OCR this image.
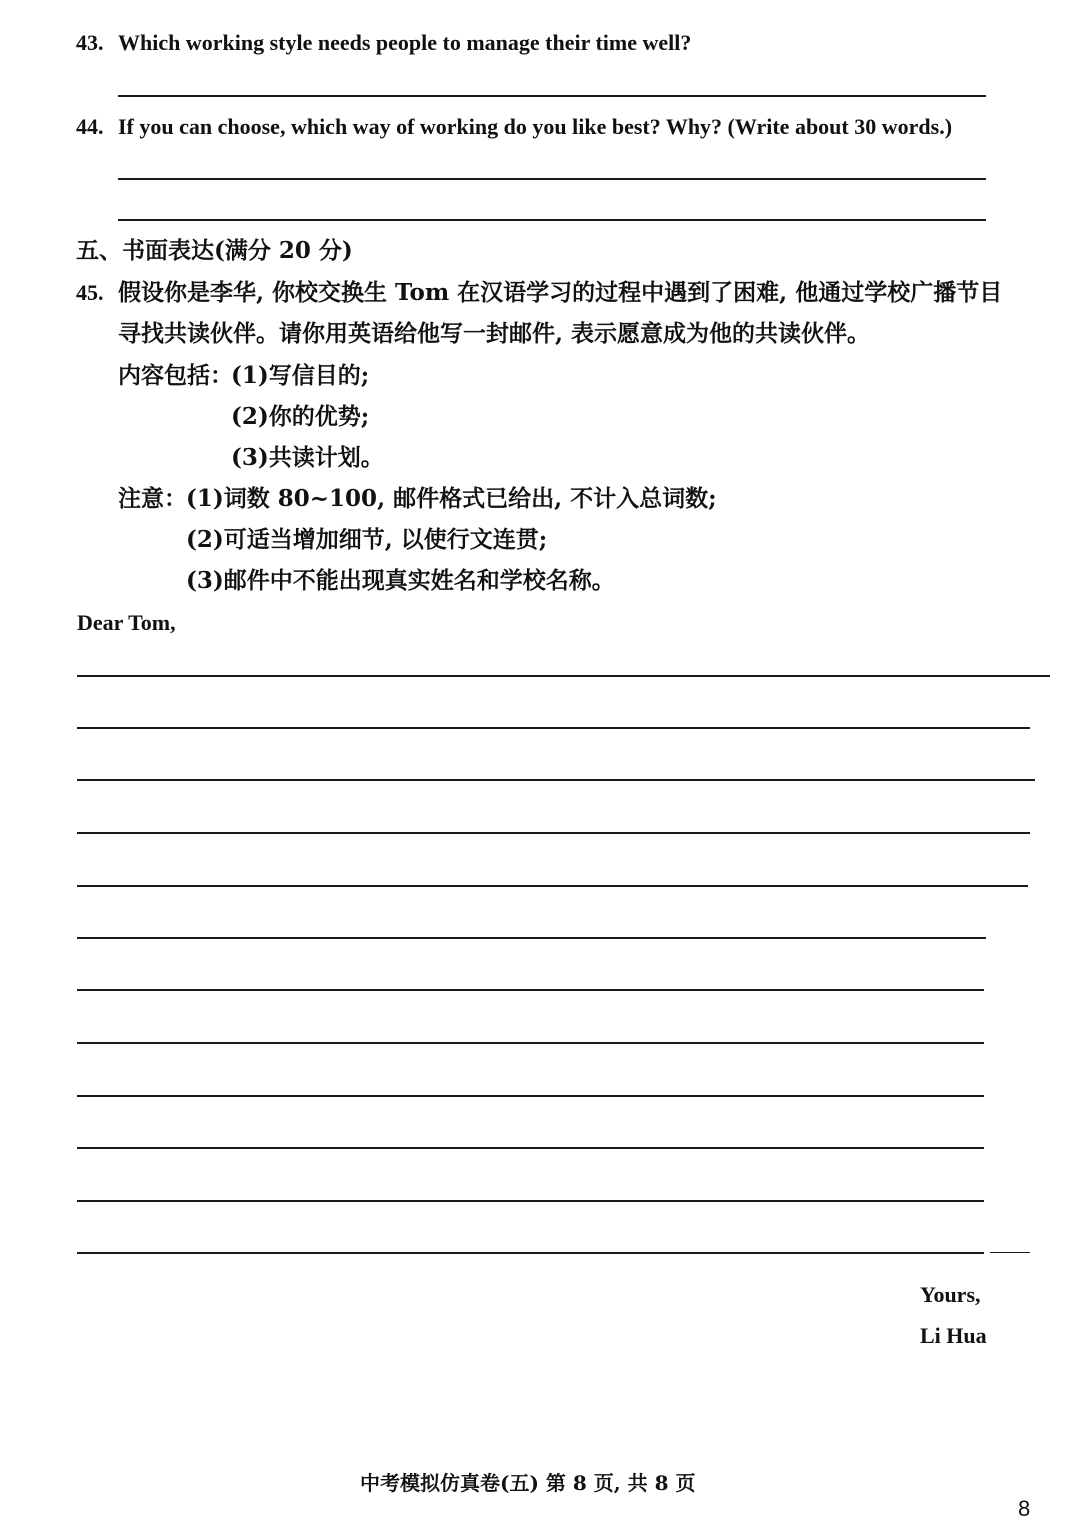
43. Which working style needs people to manage their time well?
44. If you can choose, which way of working do you like best? Why? (Write about 30 words.)
五、书面表达(满分 20 分)
45. 假设你是李华, 你校交换生 Tom 在汉语学习的过程中遇到了困难, 他通过学校广播节目
寻找共读伙伴。请你用英语给他写一封邮件, 表示愿意成为他的共读伙伴。
内容包括：
(1)写信目的;
(2)你的优势;
(3)共读计划。
注意： (1)词数 80~100, 邮件格式已给出, 不计入总词数;
(2)可适当增加细节, 以使行文连贯;
(3)邮件中不能出现真实姓名和学校名称。
Dear Tom,
Yours,
Li Hua
中考模拟仿真卷(五) 第 8 页, 共 8 页
8
